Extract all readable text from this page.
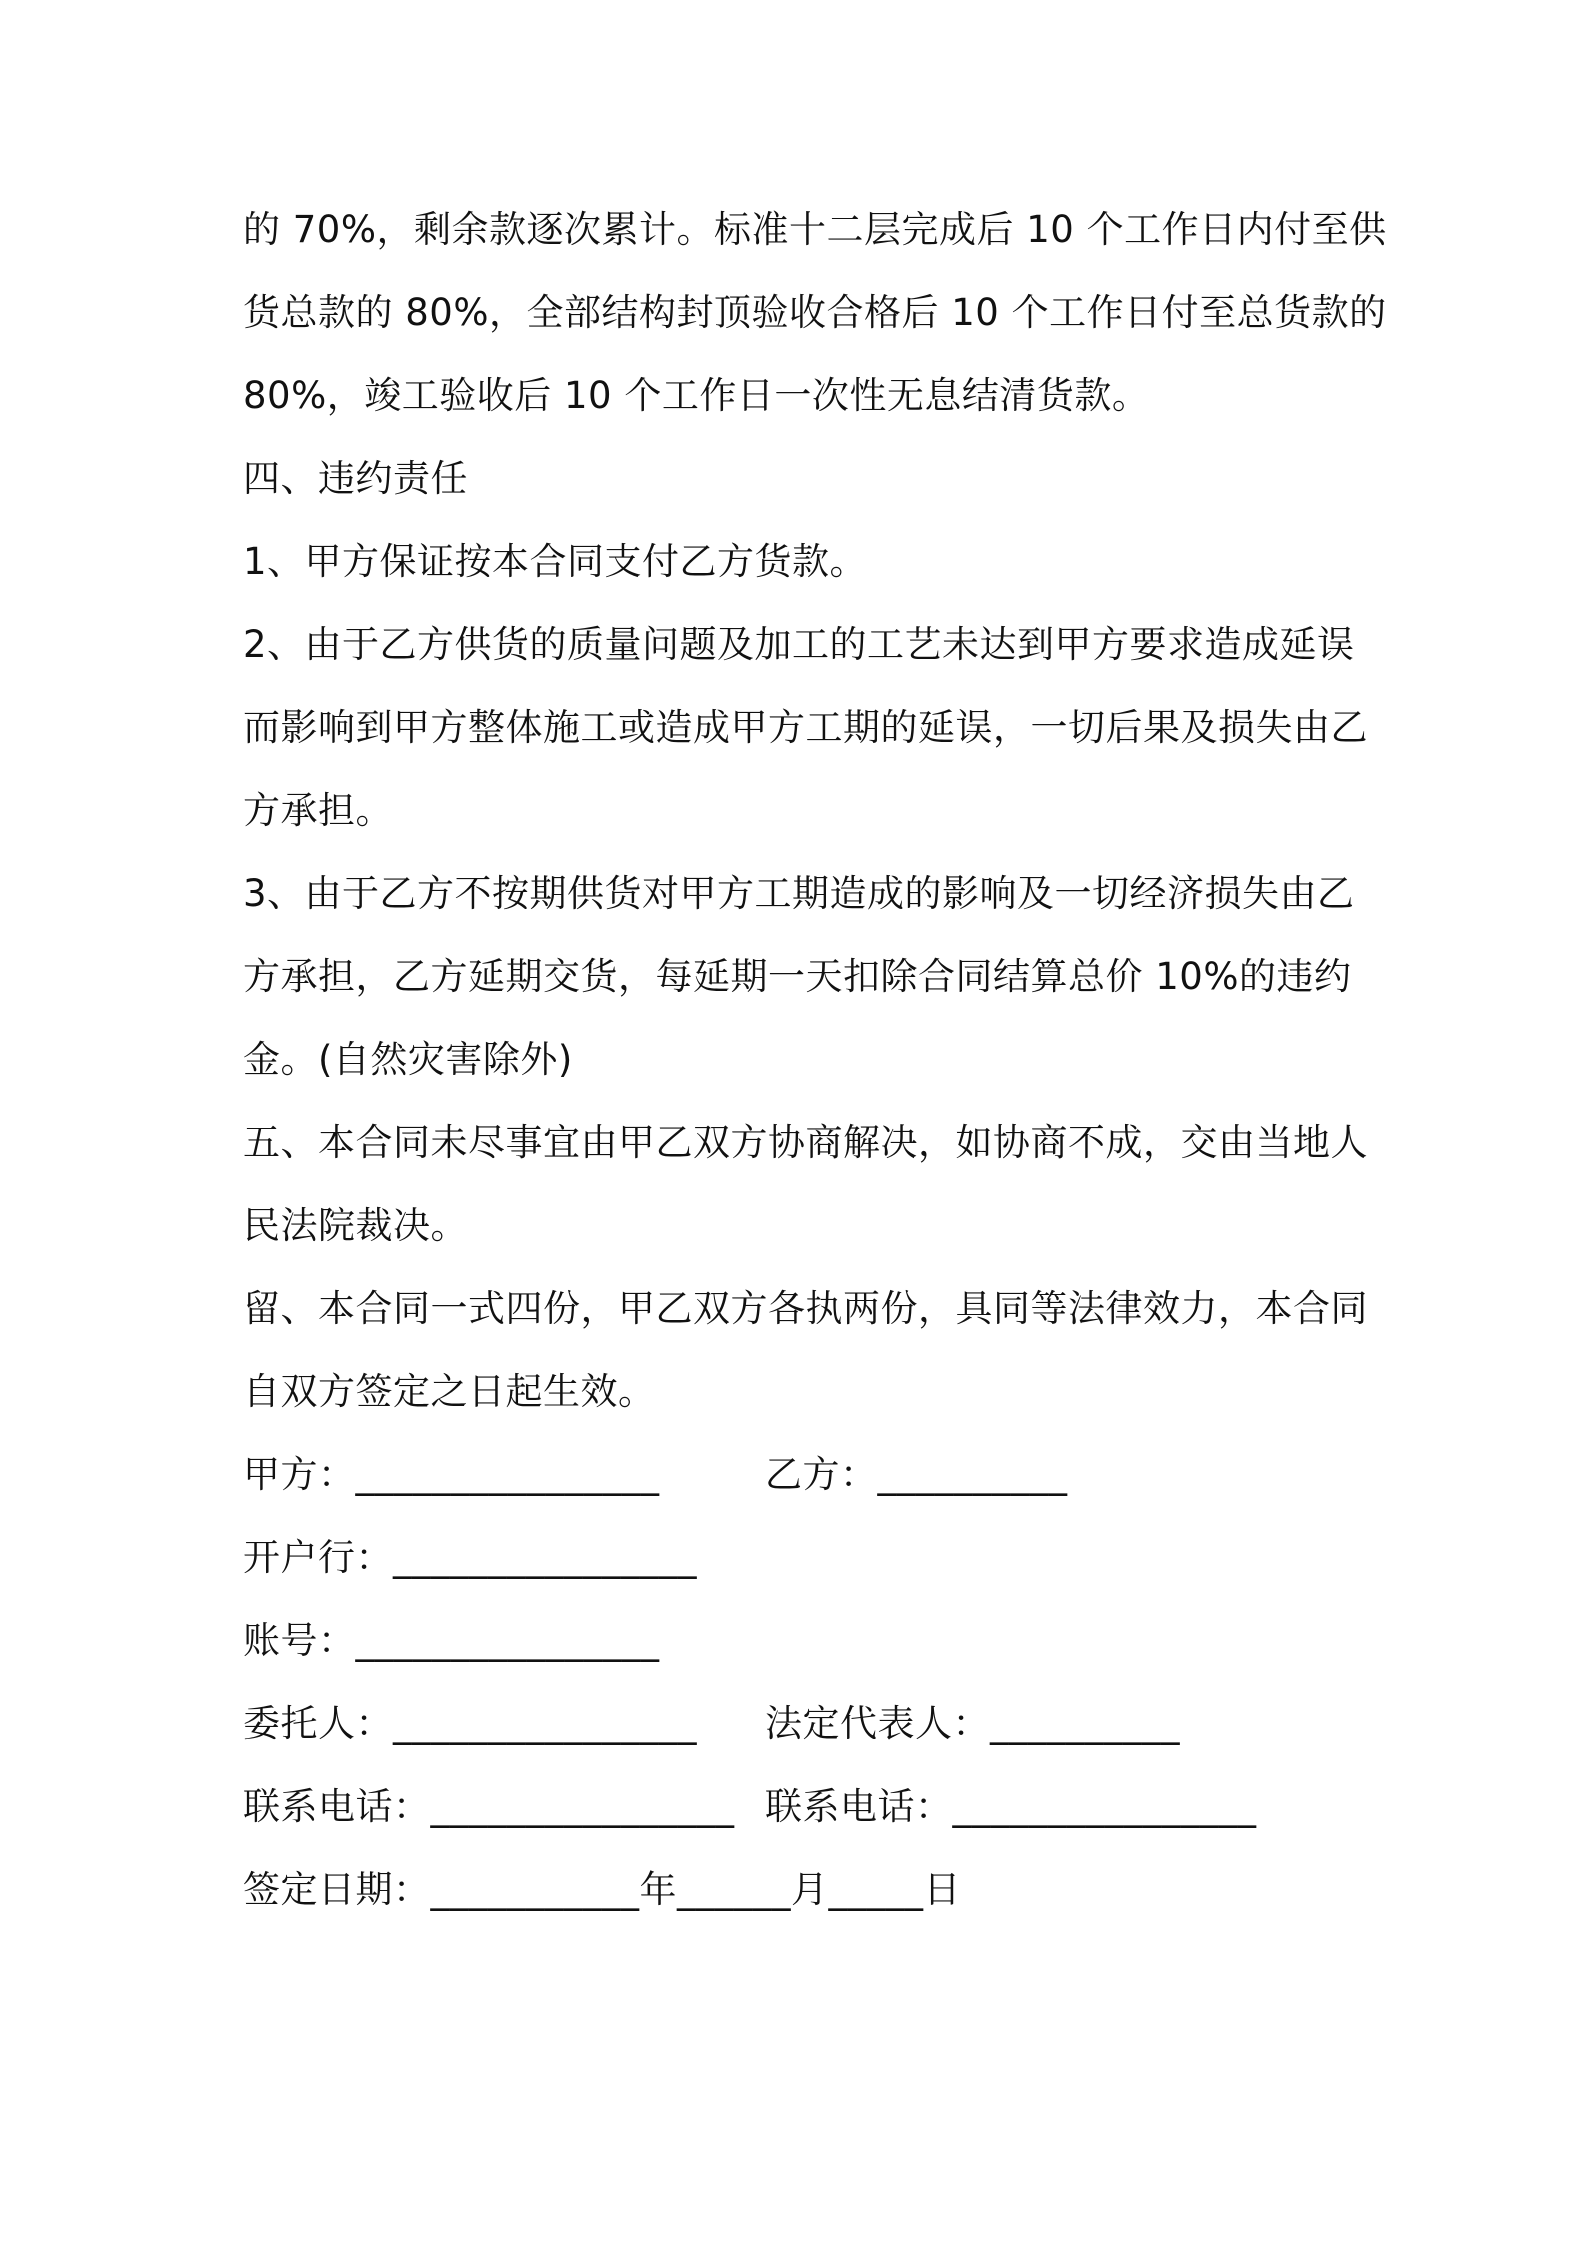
的 70%，剩余款逐次累计。标准十二层完成后 10 个工作日内付至供
货总款的 80%，全部结构封顶验收合格后 10 个工作日付至总货款的
80%，竣工验收后 10 个工作日一次性无息结清货款。
四、违约责任
1、甲方保证按本合同支付乙方货款。
2、由于乙方供货的质量问题及加工的工艺未达到甲方要求造成延误
而影响到甲方整体施工或造成甲方工期的延误，一切后果及损失由乙
方承担。
3、由于乙方不按期供货对甲方工期造成的影响及一切经济损失由乙
方承担，乙方延期交货，每延期一天扣除合同结算总价 10%的违约
金。(自然灾害除外)
五、本合同未尽事宜由甲乙双方协商解决，如协商不成，交由当地人
民法院裁决。
留、本合同一式四份，甲乙双方各执两份，具同等法律效力，本合同
自双方签定之日起生效。
甲方：________________	乙方：__________
开户行：________________
账号：________________
委托人：________________ 法定代表人：__________
联系电话：________________ 联系电话：________________
签定日期：___________年______月_____日
